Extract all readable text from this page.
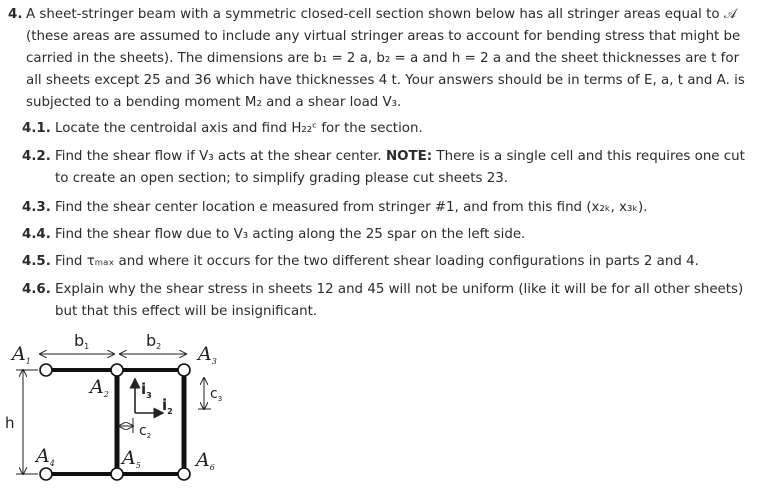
4. A sheet-stringer beam with a symmetric closed-cell section shown below has all stringer areas equal to 𝒜 (these areas are assumed to include any virtual stringer areas to account for bending stress that might be carried in the sheets). The dimensions are b₁ = 2 a, b₂ = a and h = 2 a and the sheet thicknesses are t for all sheets except 25 and 36 which have thicknesses 4 t. Your answers should be in terms of E, a, t and A. is subjected to a bending moment M₂ and a shear load V₃.
4.1. Locate the centroidal axis and find H₂₂ᶜ for the section.
4.2. Find the shear flow if V₃ acts at the shear center. NOTE: There is a single cell and this requires one cut to create an open section; to simplify grading please cut sheets 23.
4.3. Find the shear center location e measured from stringer #1, and from this find (x₂ₖ, x₃ₖ).
4.4. Find the shear flow due to V₃ acting along the 25 spar on the left side.
4.5. Find τₘₐₓ and where it occurs for the two different shear loading configurations in parts 2 and 4.
4.6. Explain why the shear stress in sheets 12 and 45 will not be uniform (like it will be for all other sheets) but that this effect will be insignificant.
$A_1$
$A_2$
$A_3$
$A_4$	$A_5$	$A_6$
b1	b2
h
$c_3$
$c_2$
$i_3$
$i_2$
